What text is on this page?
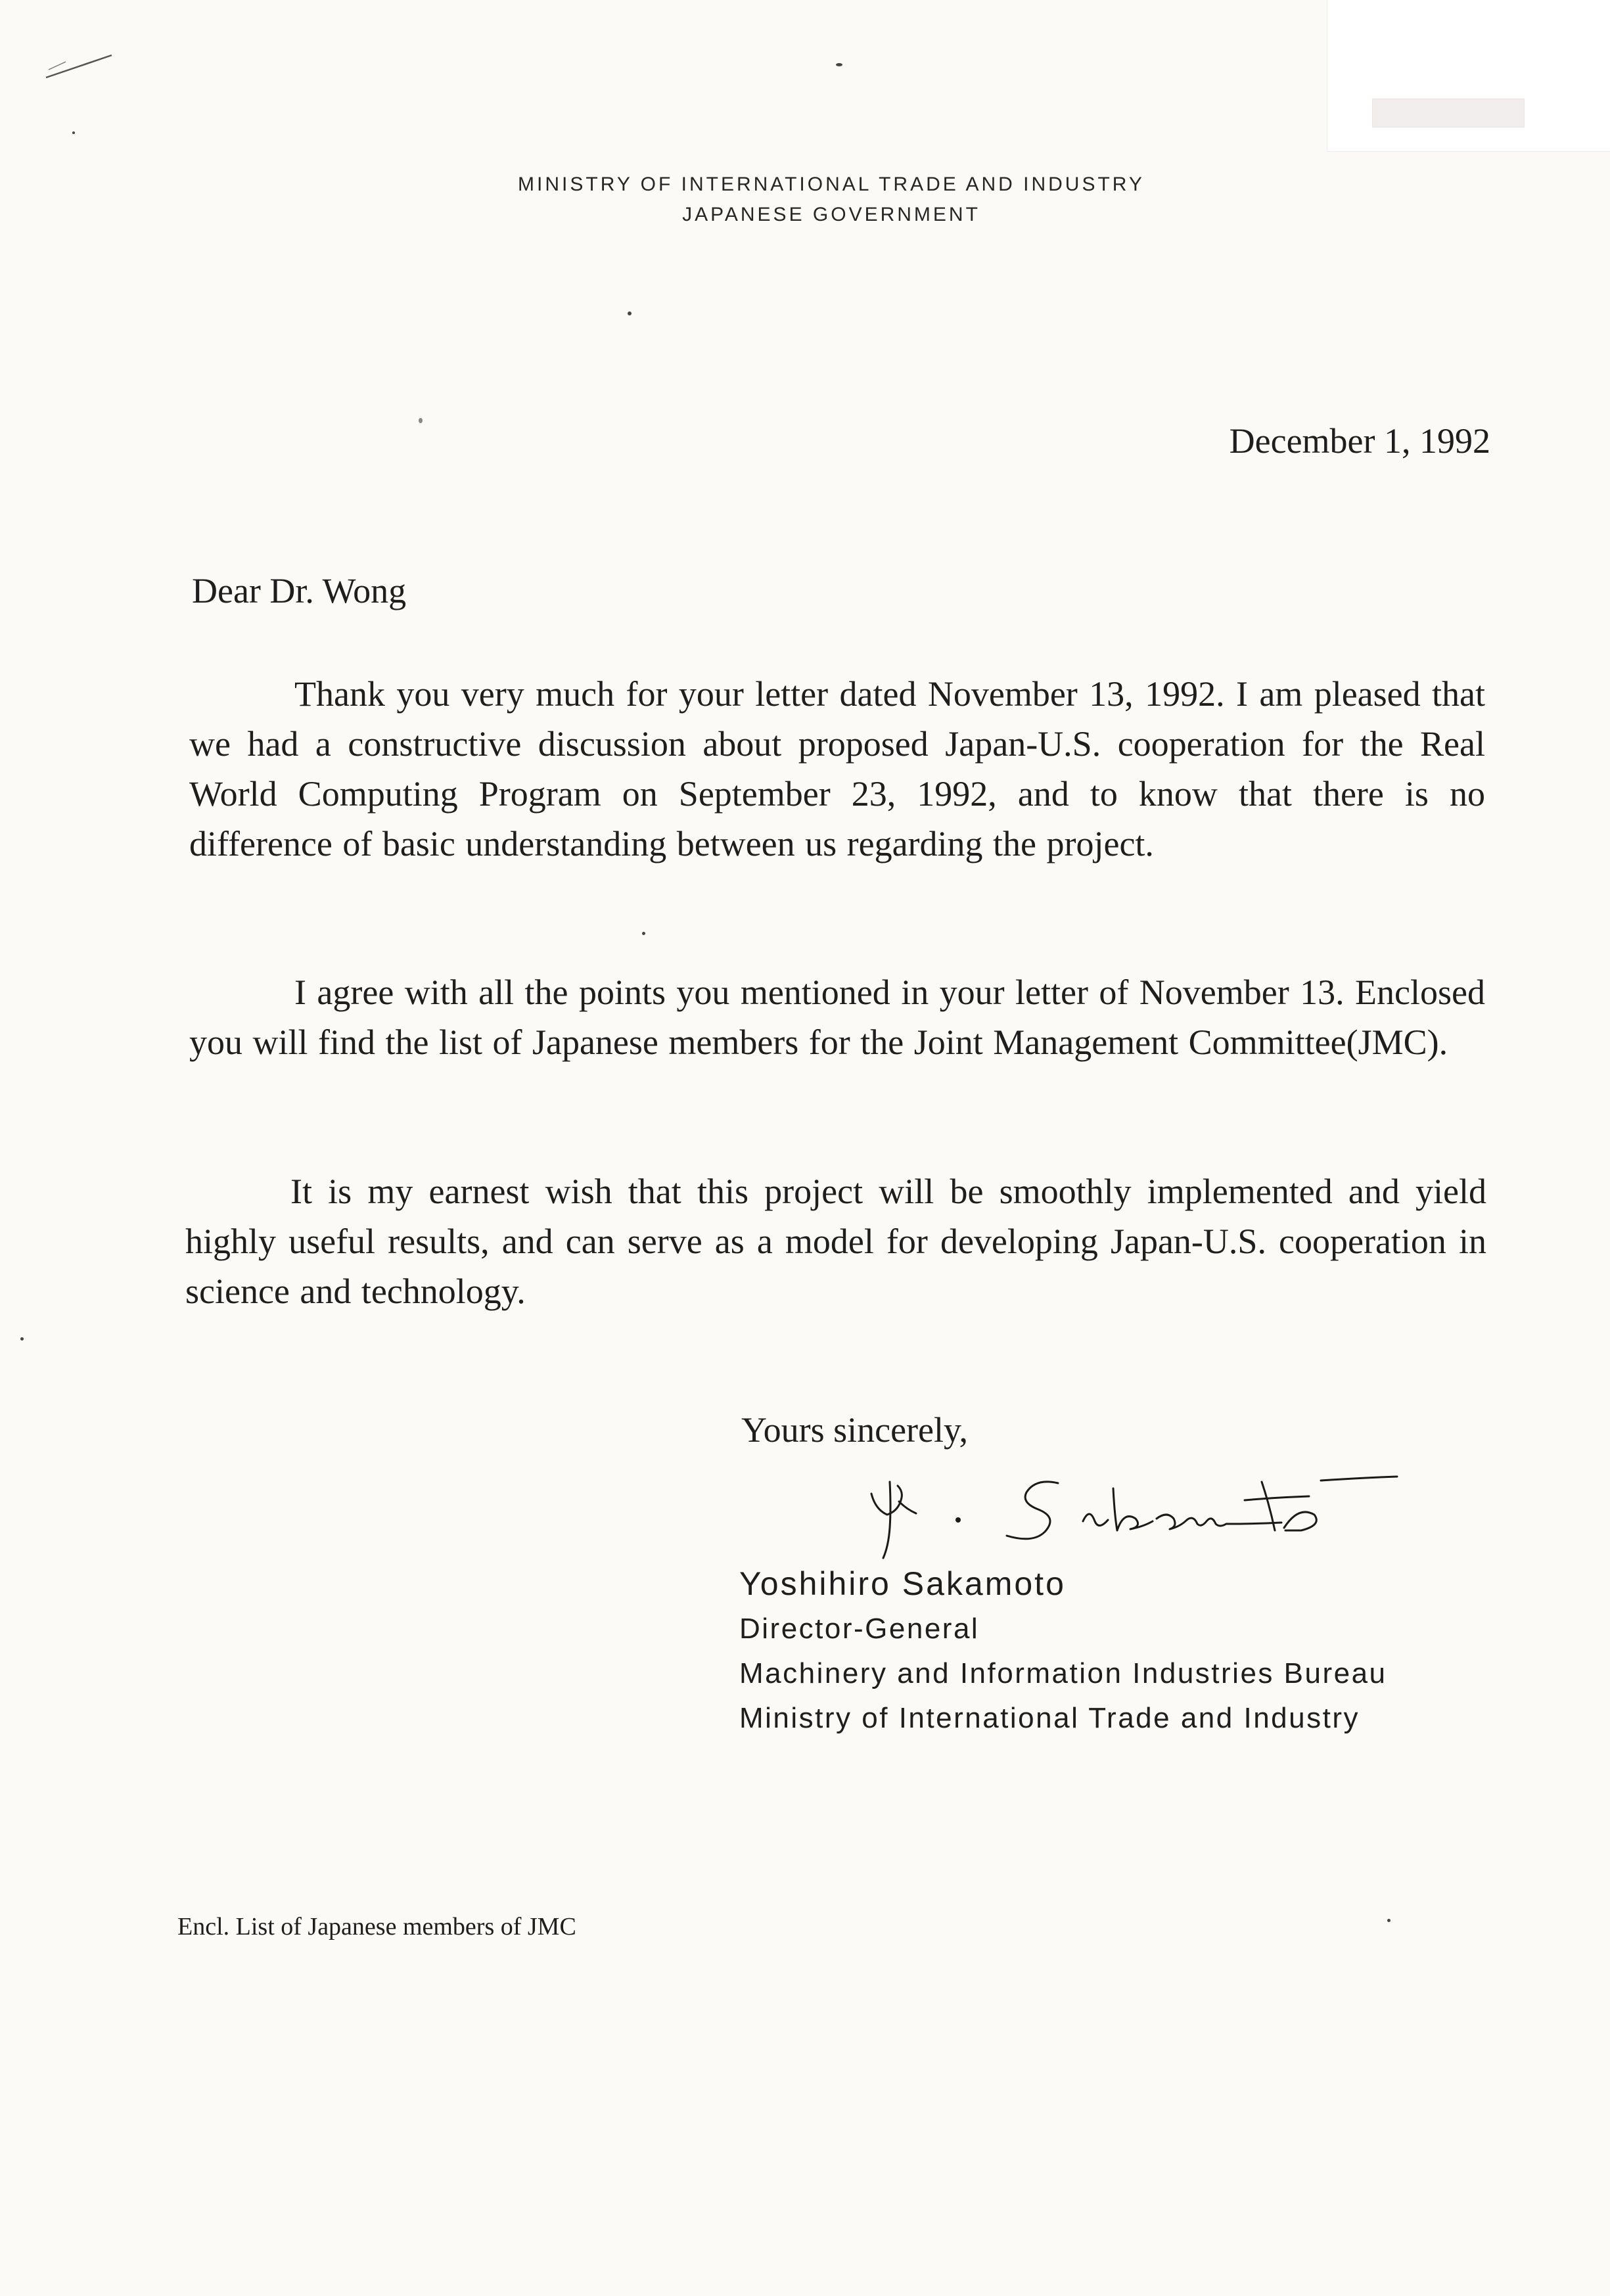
MINISTRY OF INTERNATIONAL TRADE AND INDUSTRY
JAPANESE GOVERNMENT
December 1, 1992
Dear Dr. Wong

Thank you very much for your letter dated November 13, 1992. I am pleased that we had a constructive discussion about proposed Japan-U.S. cooperation for the Real World Computing Program on September 23, 1992, and to know that there is no difference of basic understanding between us regarding the project.

I agree with all the points you mentioned in your letter of November 13. Enclosed you will find the list of Japanese members for the Joint Management Committee(JMC).

It is my earnest wish that this project will be smoothly implemented and yield highly useful results, and can serve as a model for developing Japan-U.S. cooperation in science and technology.

Yours sincerely,
Yoshihiro Sakamoto
Director-General
Machinery and Information Industries Bureau
Ministry of International Trade and Industry
Encl. List of Japanese members of JMC
